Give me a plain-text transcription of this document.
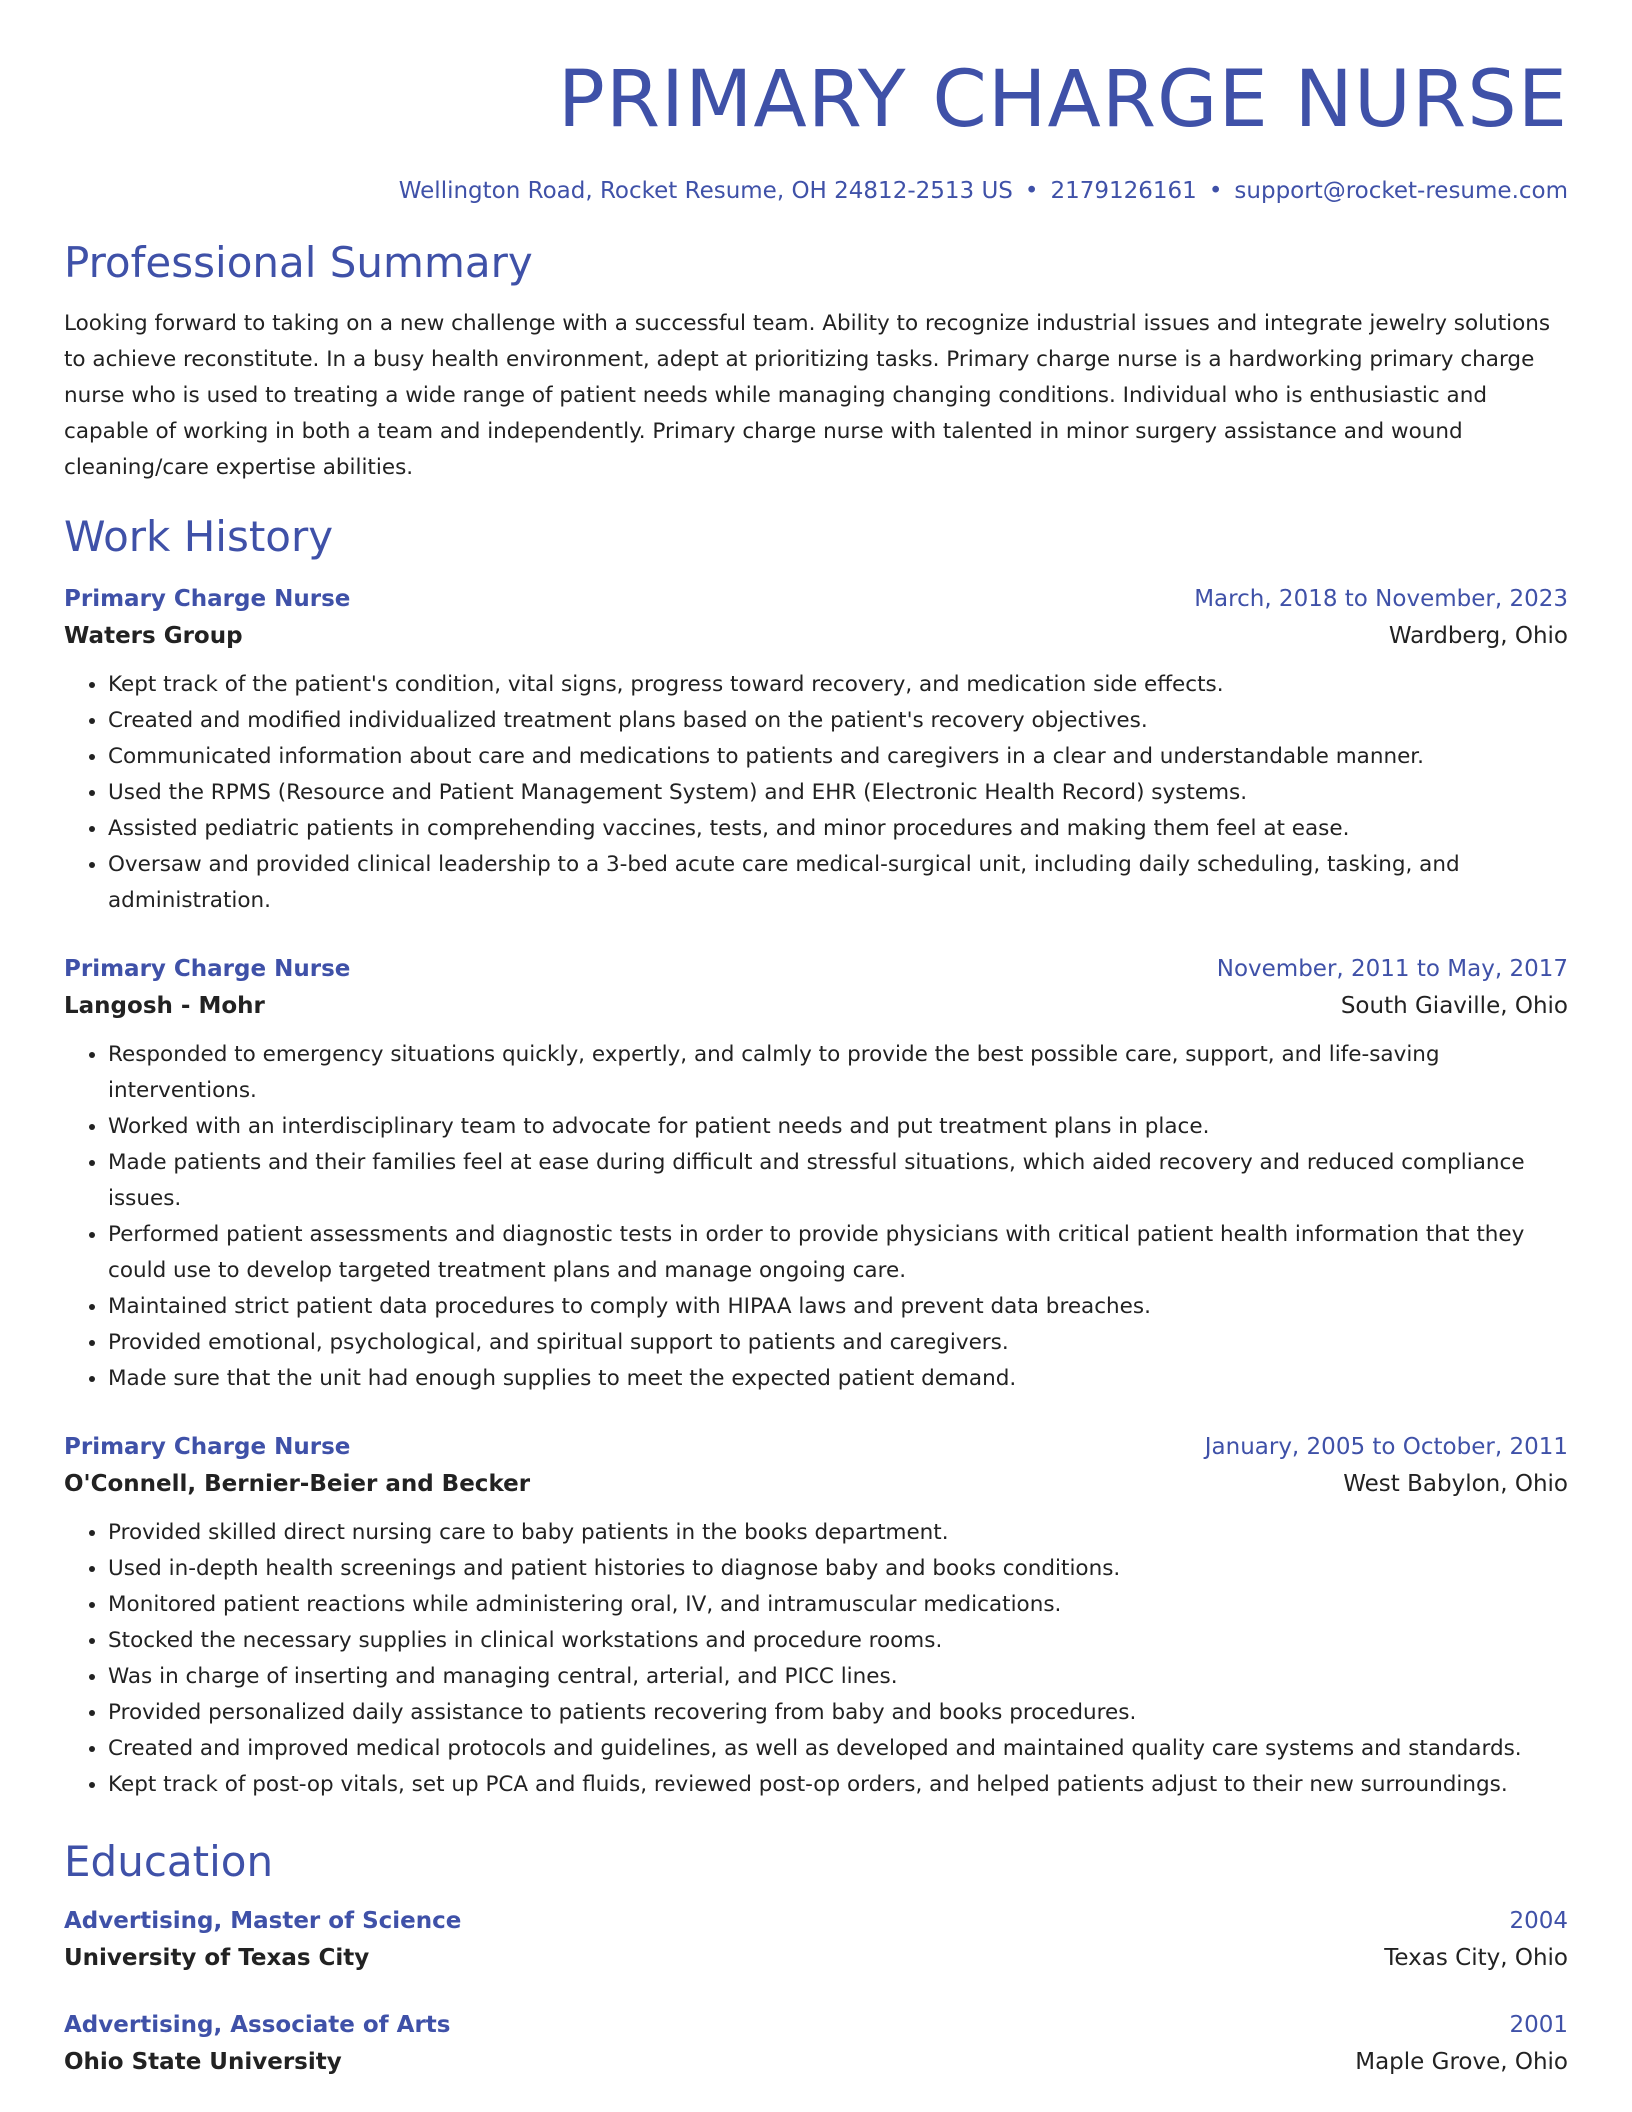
PRIMARY CHARGE NURSE
Wellington Road, Rocket Resume, OH 24812-2513 US • 2179126161 • support@rocket-resume.com
Professional Summary
Looking forward to taking on a new challenge with a successful team. Ability to recognize industrial issues and integrate jewelry solutions to achieve reconstitute. In a busy health environment, adept at prioritizing tasks. Primary charge nurse is a hardworking primary charge nurse who is used to treating a wide range of patient needs while managing changing conditions. Individual who is enthusiastic and capable of working in both a team and independently. Primary charge nurse with talented in minor surgery assistance and wound cleaning/care expertise abilities.
Work History
Primary Charge Nurse	March, 2018 to November, 2023
Waters Group	Wardberg, Ohio
• Kept track of the patient's condition, vital signs, progress toward recovery, and medication side effects.
• Created and modified individualized treatment plans based on the patient's recovery objectives.
• Communicated information about care and medications to patients and caregivers in a clear and understandable manner.
• Used the RPMS (Resource and Patient Management System) and EHR (Electronic Health Record) systems.
• Assisted pediatric patients in comprehending vaccines, tests, and minor procedures and making them feel at ease.
• Oversaw and provided clinical leadership to a 3-bed acute care medical-surgical unit, including daily scheduling, tasking, and administration.
Primary Charge Nurse	November, 2011 to May, 2017
Langosh - Mohr	South Giaville, Ohio
• Responded to emergency situations quickly, expertly, and calmly to provide the best possible care, support, and life-saving interventions.
• Worked with an interdisciplinary team to advocate for patient needs and put treatment plans in place.
• Made patients and their families feel at ease during difficult and stressful situations, which aided recovery and reduced compliance issues.
• Performed patient assessments and diagnostic tests in order to provide physicians with critical patient health information that they could use to develop targeted treatment plans and manage ongoing care.
• Maintained strict patient data procedures to comply with HIPAA laws and prevent data breaches.
• Provided emotional, psychological, and spiritual support to patients and caregivers.
• Made sure that the unit had enough supplies to meet the expected patient demand.
Primary Charge Nurse	January, 2005 to October, 2011
O'Connell, Bernier-Beier and Becker	West Babylon, Ohio
• Provided skilled direct nursing care to baby patients in the books department.
• Used in-depth health screenings and patient histories to diagnose baby and books conditions.
• Monitored patient reactions while administering oral, IV, and intramuscular medications.
• Stocked the necessary supplies in clinical workstations and procedure rooms.
• Was in charge of inserting and managing central, arterial, and PICC lines.
• Provided personalized daily assistance to patients recovering from baby and books procedures.
• Created and improved medical protocols and guidelines, as well as developed and maintained quality care systems and standards.
• Kept track of post-op vitals, set up PCA and fluids, reviewed post-op orders, and helped patients adjust to their new surroundings.
Education
Advertising, Master of Science	2004
University of Texas City	Texas City, Ohio
Advertising, Associate of Arts	2001
Ohio State University	Maple Grove, Ohio
